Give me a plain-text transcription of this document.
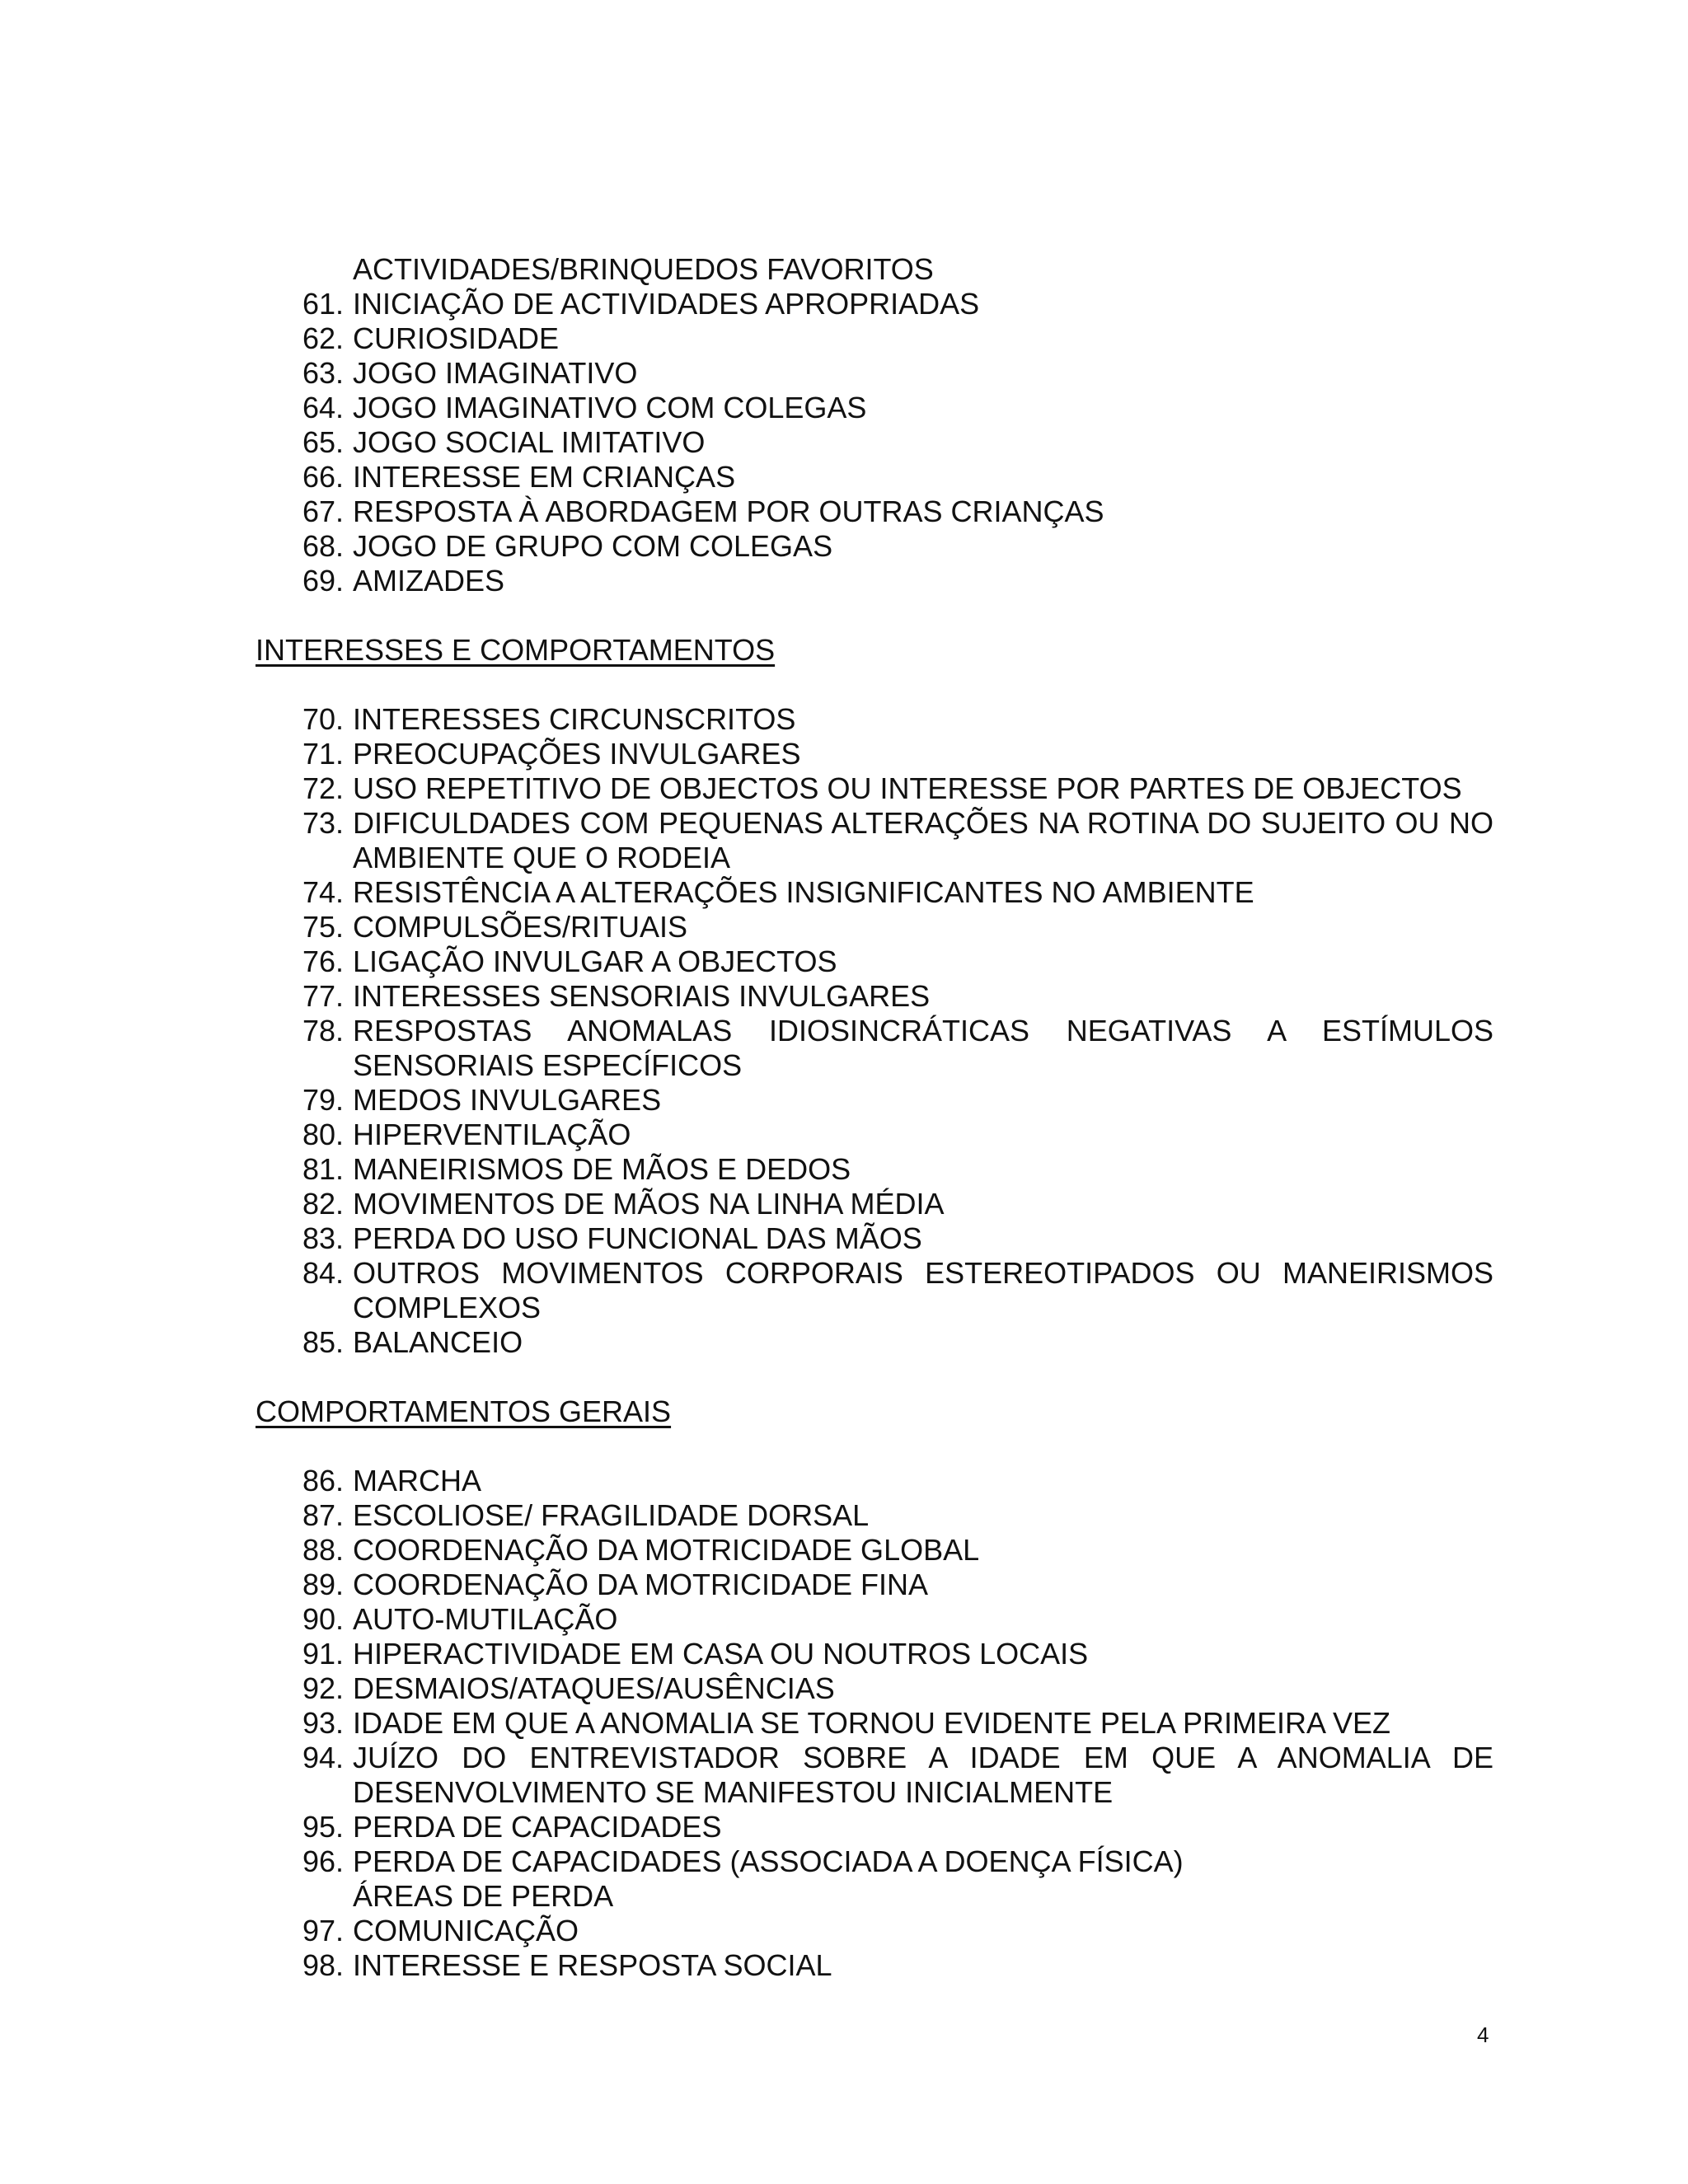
ACTIVIDADES/BRINQUEDOS FAVORITOS
61. INICIAÇÃO DE ACTIVIDADES APROPRIADAS
62. CURIOSIDADE
63. JOGO IMAGINATIVO
64. JOGO IMAGINATIVO COM COLEGAS
65. JOGO SOCIAL IMITATIVO
66. INTERESSE EM CRIANÇAS
67. RESPOSTA À ABORDAGEM POR OUTRAS CRIANÇAS
68. JOGO DE GRUPO COM COLEGAS
69. AMIZADES
INTERESSES E COMPORTAMENTOS
70. INTERESSES CIRCUNSCRITOS
71. PREOCUPAÇÕES INVULGARES
72. USO REPETITIVO DE OBJECTOS OU INTERESSE POR PARTES DE OBJECTOS
73. DIFICULDADES COM PEQUENAS ALTERAÇÕES NA ROTINA DO SUJEITO OU NO AMBIENTE QUE O RODEIA
74. RESISTÊNCIA A ALTERAÇÕES INSIGNIFICANTES NO AMBIENTE
75. COMPULSÕES/RITUAIS
76. LIGAÇÃO INVULGAR A OBJECTOS
77. INTERESSES SENSORIAIS INVULGARES
78. RESPOSTAS ANOMALAS IDIOSINCRÁTICAS NEGATIVAS A ESTÍMULOS SENSORIAIS ESPECÍFICOS
79. MEDOS INVULGARES
80. HIPERVENTILAÇÃO
81. MANEIRISMOS DE MÃOS E DEDOS
82. MOVIMENTOS DE MÃOS NA LINHA MÉDIA
83. PERDA DO USO FUNCIONAL DAS MÃOS
84. OUTROS MOVIMENTOS CORPORAIS ESTEREOTIPADOS OU MANEIRISMOS COMPLEXOS
85. BALANCEIO
COMPORTAMENTOS GERAIS
86. MARCHA
87. ESCOLIOSE/ FRAGILIDADE DORSAL
88. COORDENAÇÃO DA MOTRICIDADE GLOBAL
89. COORDENAÇÃO DA MOTRICIDADE FINA
90. AUTO-MUTILAÇÃO
91. HIPERACTIVIDADE EM CASA OU NOUTROS LOCAIS
92. DESMAIOS/ATAQUES/AUSÊNCIAS
93. IDADE EM QUE A ANOMALIA SE TORNOU EVIDENTE PELA PRIMEIRA VEZ
94. JUÍZO DO ENTREVISTADOR SOBRE A IDADE EM QUE A ANOMALIA DE DESENVOLVIMENTO SE MANIFESTOU INICIALMENTE
95. PERDA DE CAPACIDADES
96. PERDA DE CAPACIDADES (ASSOCIADA A DOENÇA FÍSICA)
ÁREAS DE PERDA
97. COMUNICAÇÃO
98. INTERESSE E RESPOSTA SOCIAL
4
